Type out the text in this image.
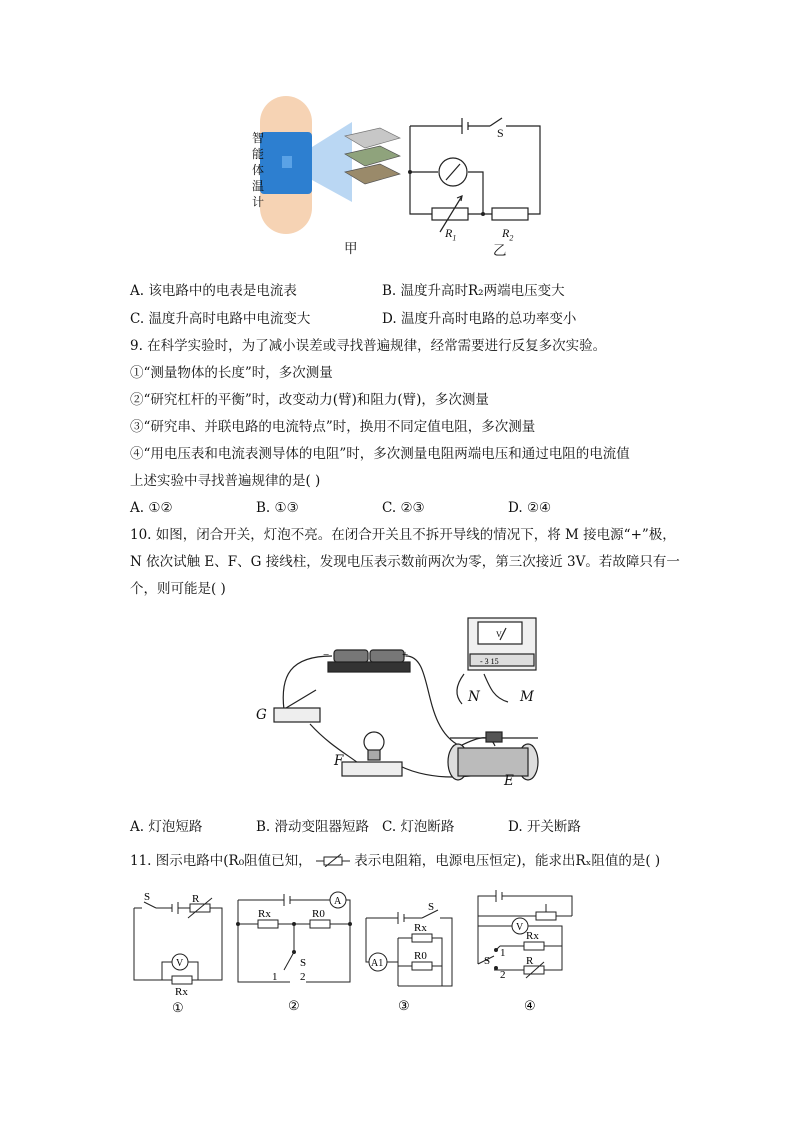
智能体温计
甲	乙
S
$R_1$	$R_2$
A. 该电路中的电表是电流表	B. 温度升高时R₂两端电压变大
C. 温度升高时电路中电流变大	D. 温度升高时电路的总功率变小
9. 在科学实验时，为了减小误差或寻找普遍规律，经常需要进行反复多次实验。
①“测量物体的长度”时，多次测量
②“研究杠杆的平衡”时，改变动力(臂)和阻力(臂)，多次测量
③“研究串、并联电路的电流特点”时，换用不同定值电阻，多次测量
④“用电压表和电流表测导体的电阻”时，多次测量电阻两端电压和通过电阻的电流值
上述实验中寻找普遍规律的是( )
A. ①②	B. ①③	C. ②③	D. ②④
10. 如图，闭合开关，灯泡不亮。在闭合开关且不拆开导线的情况下，将 M 接电源“+”极，
N 依次试触 E、F、G 接线柱，发现电压表示数前两次为零，第三次接近 3V。若故障只有一
个，则可能是( )
−	+
V
- 3 15
G
F
E
N	M
A. 灯泡短路	B. 滑动变阻器短路 C. 灯泡断路	D. 开关断路
11. 图示电路中(R₀阻值已知，	表示电阻箱，电源电压恒定)，能求出Rₓ阻值的是( )
S	R
V
Rx
①
Rx	R0
A
S
1 2
②
S
Rx
R0
A1
③
V
Rx
S
1
2
R
④
